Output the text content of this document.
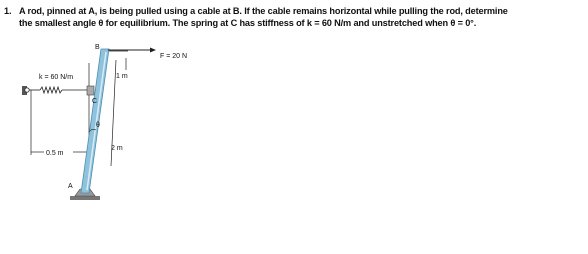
1. A rod, pinned at A, is being pulled using a cable at B. If the cable remains horizontal while pulling the rod, determine
the smallest angle θ for equilibrium. The spring at C has stiffness of k = 60 N/m and unstretched when θ = 0°.
B
C
A
F = 20 N
k = 60 N/m	1 m
2 m
0.5 m
θ
